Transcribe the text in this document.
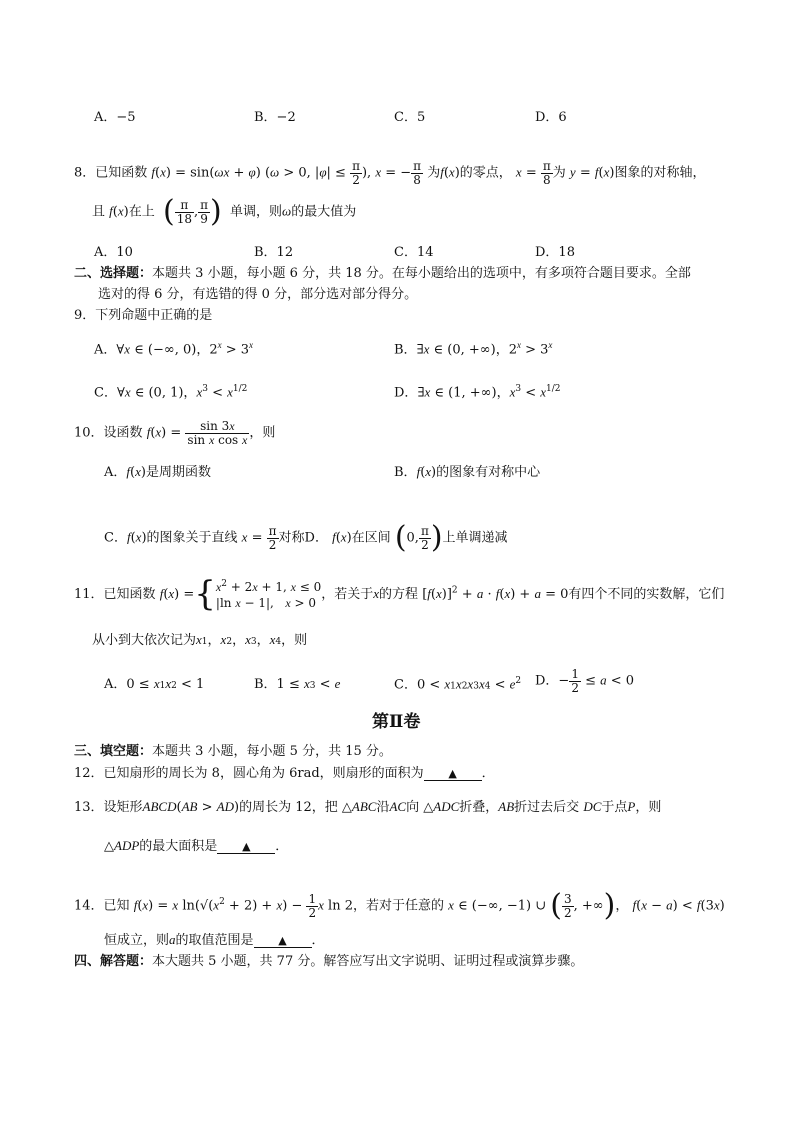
A．−5	B．−2	C．5	D．6
8．已知函数 f(x) = sin(ωx + φ) (ω > 0, $|\varphi| \le \frac{\pi}{2}$ ), x = − $\frac{\pi}{8}$ 为f(x)的零点， $x = \frac{\pi}{8}$ 为 y = f(x)图象的对称轴，
且 f(x)在上 ( $\frac{\pi}{18}$ , $\frac{\pi}{9}$ ) 单调，则ω的最大值为
A．10	B．12	C．14	D．18
二、选择题：本题共 3 小题，每小题 6 分，共 18 分。在每小题给出的选项中，有多项符合题目要求。全部
选对的得 6 分，有选错的得 0 分，部分选对部分得分。
9．下列命题中正确的是
A．∀x ∈ (−∞, 0)，$2^x > 3^x$	B．∃x ∈ (0, +∞)，$2^x > 3^x$
C．∀x ∈ (0, 1)，$x^3 < x^{1/2}$	D．∃x ∈ (1, +∞)，$x^3 < x^{1/2}$
10．设函数 $f(x) = \frac{\sin 3x}{\text{sin x cos x}}$ ，则
A．f(x)是周期函数	B．f(x)的图象有对称中心
C．f(x)的图象关于直线 $x = \frac{\pi}{2}$ 对称D． f(x)在区间 (0, $\frac{\pi}{2}$ )上单调递减
11．已知函数 f(x) ={ $x^2 + 2x + 1$, x ≤ 0
|ln x − 1|,   x > 0
，若关于x的方程 $[f(x)]^2 + a \cdot f(x) + a = 0$有四个不同的实数解，它们
从小到大依次记为x1，x2，x3，x4，则
A．0 ≤ x1x2 < 1	B．1 ≤ x3 < e	C．$0 < x1x2x3x4 < e^2$ D．− $\frac{1}{2} \le a < 0$
第Ⅱ卷
三、填空题：本题共 3 小题，每小题 5 分，共 15 分。
12．已知扇形的周长为 8，圆心角为 6rad，则扇形的面积为 ▲ ．
13．设矩形ABCD(AB > AD)的周长为 12，把 △ABC沿AC向 △ADC折叠，AB折过去后交 DC于点P，则
△ADP的最大面积是 ▲ ．
14．已知 f(x) = x $\ln(√(x^2 + 2) + x) - \frac{1}{2}$ x ln 2，若对于任意的 x ∈ (−∞, −1) ∪ ( $\frac{3}{2}$ , +∞)， f(x − a) < f(3x)
恒成立，则a的取值范围是 ▲ ．
四、解答题：本大题共 5 小题，共 77 分。解答应写出文字说明、证明过程或演算步骤。
